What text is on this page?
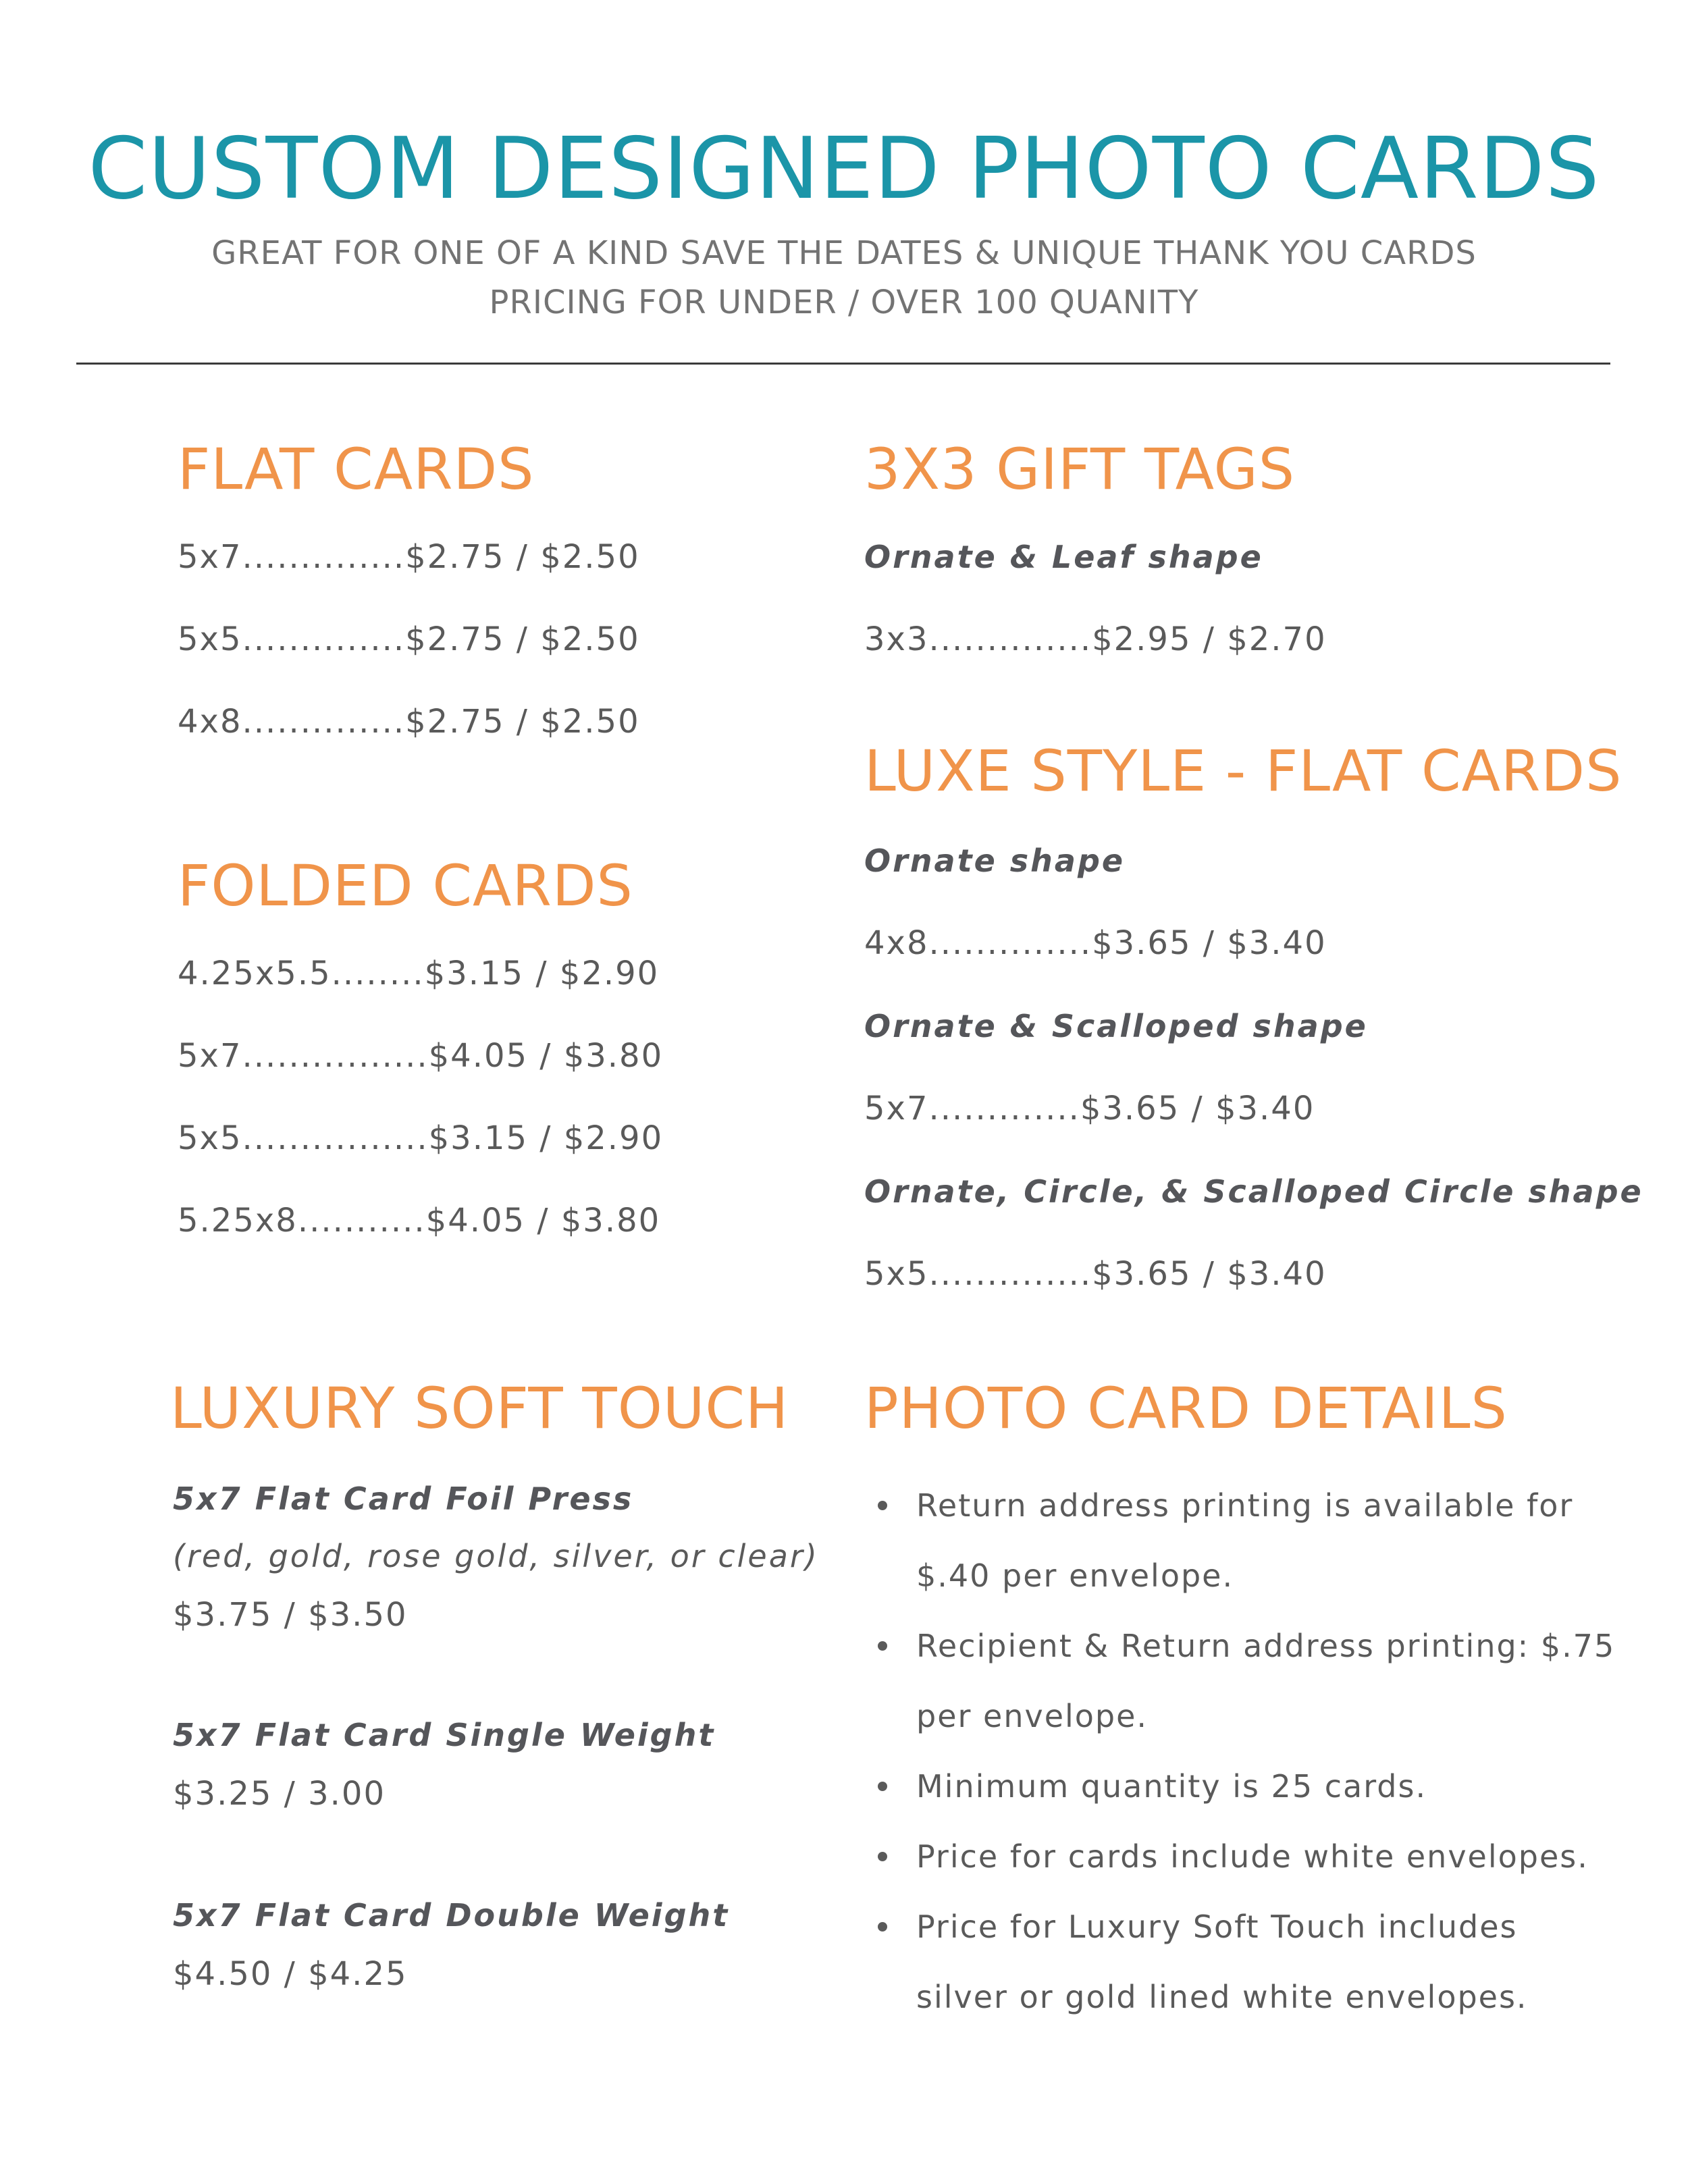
CUSTOM DESIGNED PHOTO CARDS
GREAT FOR ONE OF A KIND SAVE THE DATES & UNIQUE THANK YOU CARDS
PRICING FOR UNDER / OVER 100 QUANITY
FLAT CARDS
5x7..............$2.75 / $2.50
5x5..............$2.75 / $2.50
4x8..............$2.75 / $2.50
FOLDED CARDS
4.25x5.5........$3.15 / $2.90
5x7................$4.05 / $3.80
5x5................$3.15 / $2.90
5.25x8...........$4.05 / $3.80
3X3 GIFT TAGS
Ornate & Leaf shape
3x3..............$2.95 / $2.70
LUXE STYLE - FLAT CARDS
Ornate shape
4x8..............$3.65 / $3.40
Ornate & Scalloped shape
5x7.............$3.65 / $3.40
Ornate, Circle, & Scalloped Circle shape
5x5..............$3.65 / $3.40
LUXURY SOFT TOUCH
5x7 Flat Card Foil Press
(red, gold, rose gold, silver, or clear)
$3.75 / $3.50
5x7 Flat Card Single Weight
$3.25 / 3.00
5x7 Flat Card Double Weight
$4.50 / $4.25
PHOTO CARD DETAILS
Return address printing is available for $.40 per envelope.
Recipient & Return address printing: $.75 per envelope.
Minimum quantity is 25 cards.
Price for cards include white envelopes.
Price for Luxury Soft Touch includes silver or gold lined white envelopes.
